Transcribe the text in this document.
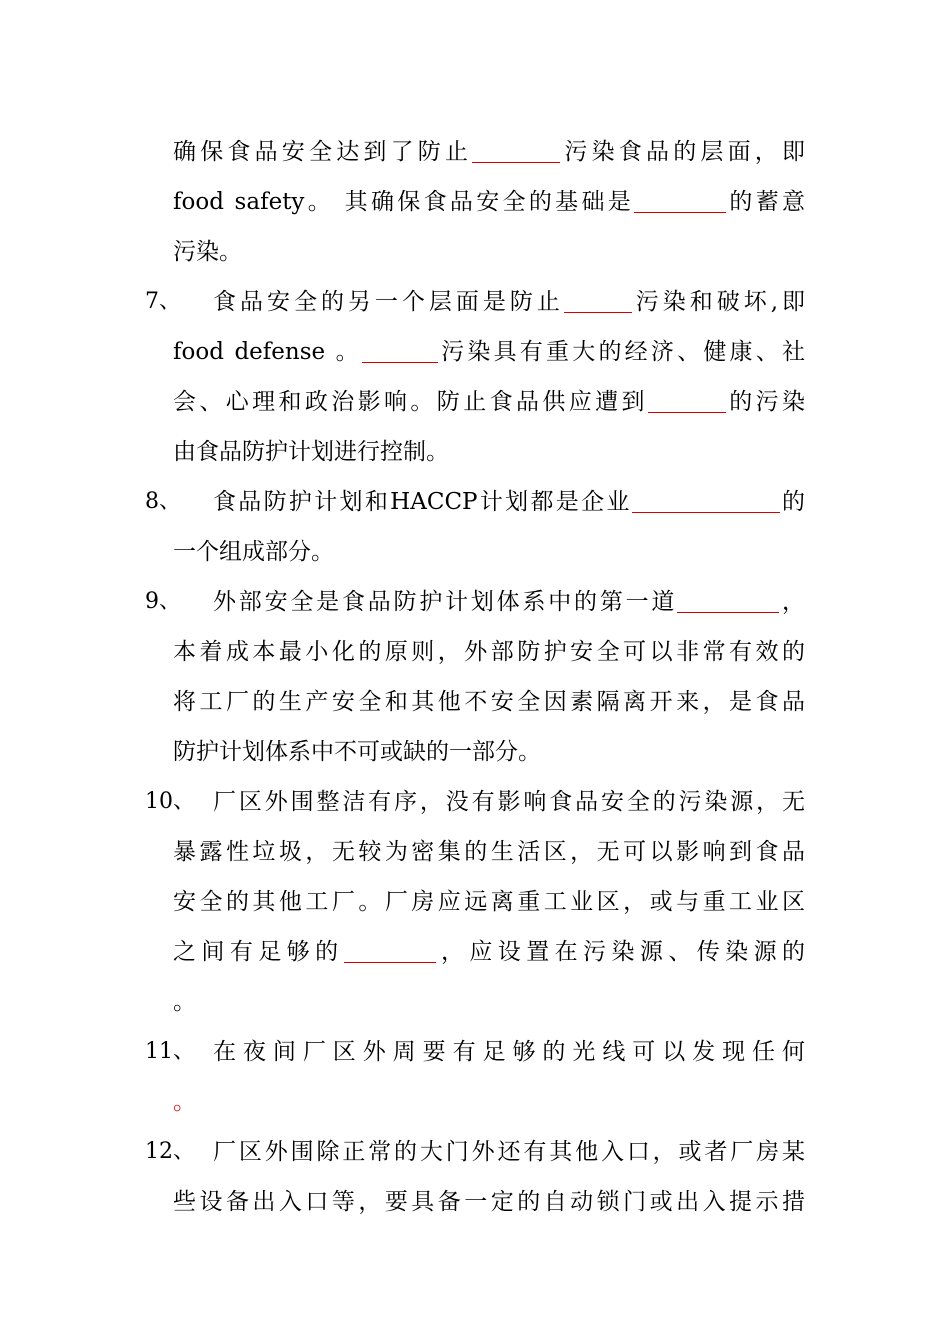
确保食品安全达到了防止	污染食品的层面，即
food safety。 其确保食品安全的基础是	的蓄意
污染。
7、	食品安全的另一个层面是防止	污染和破坏,即
food defense 。	污染具有重大的经济、健康、社
会、心理和政治影响。防止食品供应遭到	的污染
由食品防护计划进行控制。
8、	食品防护计划和HACCP计划都是企业	的
一个组成部分。
9、	外部安全是食品防护计划体系中的第一道	，
本着成本最小化的原则，外部防护安全可以非常有效的
将工厂的生产安全和其他不安全因素隔离开来，是食品
防护计划体系中不可或缺的一部分。
10、 厂区外围整洁有序，没有影响食品安全的污染源，无
暴露性垃圾，无较为密集的生活区，无可以影响到食品
安全的其他工厂。厂房应远离重工业区，或与重工业区
之间有足够的	，应设置在污染源、传染源的
。
11、 在夜间厂区外周要有足够的光线可以发现任何
。
12、 厂区外围除正常的大门外还有其他入口，或者厂房某
些设备出入口等，要具备一定的自动锁门或出入提示措
